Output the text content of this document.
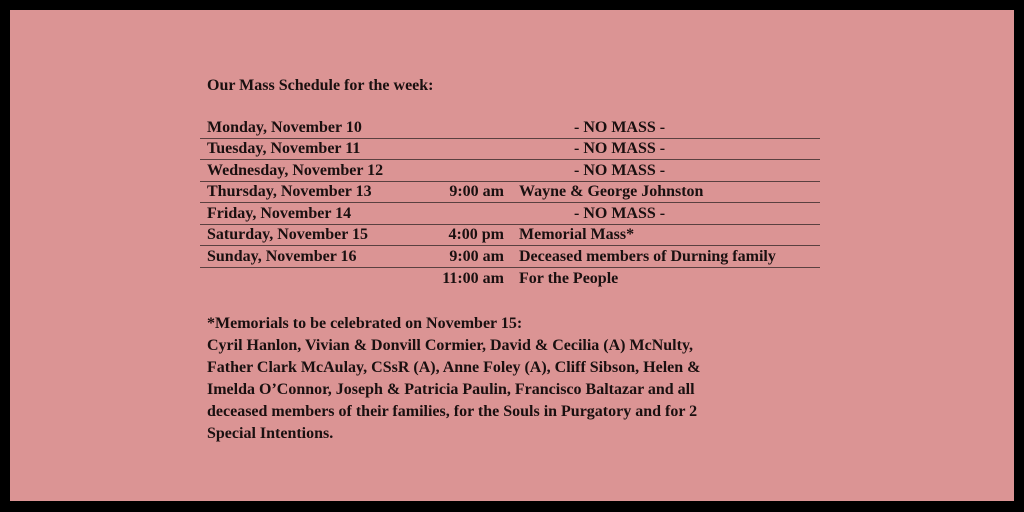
Our Mass Schedule for the week:

Monday, November 10	- NO MASS -
Tuesday, November 11	- NO MASS -
Wednesday, November 12	- NO MASS -
Thursday, November 13	9:00 am Wayne & George Johnston
Friday, November 14	- NO MASS -
Saturday, November 15	4:00 pm Memorial Mass*
Sunday, November 16	9:00 am Deceased members of Durning family
11:00 am For the People

*Memorials to be celebrated on November 15:

Cyril Hanlon, Vivian & Donvill Cormier, David & Cecilia (A) McNulty,

Father Clark McAulay, CSsR (A), Anne Foley (A), Cliff Sibson, Helen &

Imelda O’Connor, Joseph & Patricia Paulin, Francisco Baltazar and all

deceased members of their families, for the Souls in Purgatory and for 2

Special Intentions.
